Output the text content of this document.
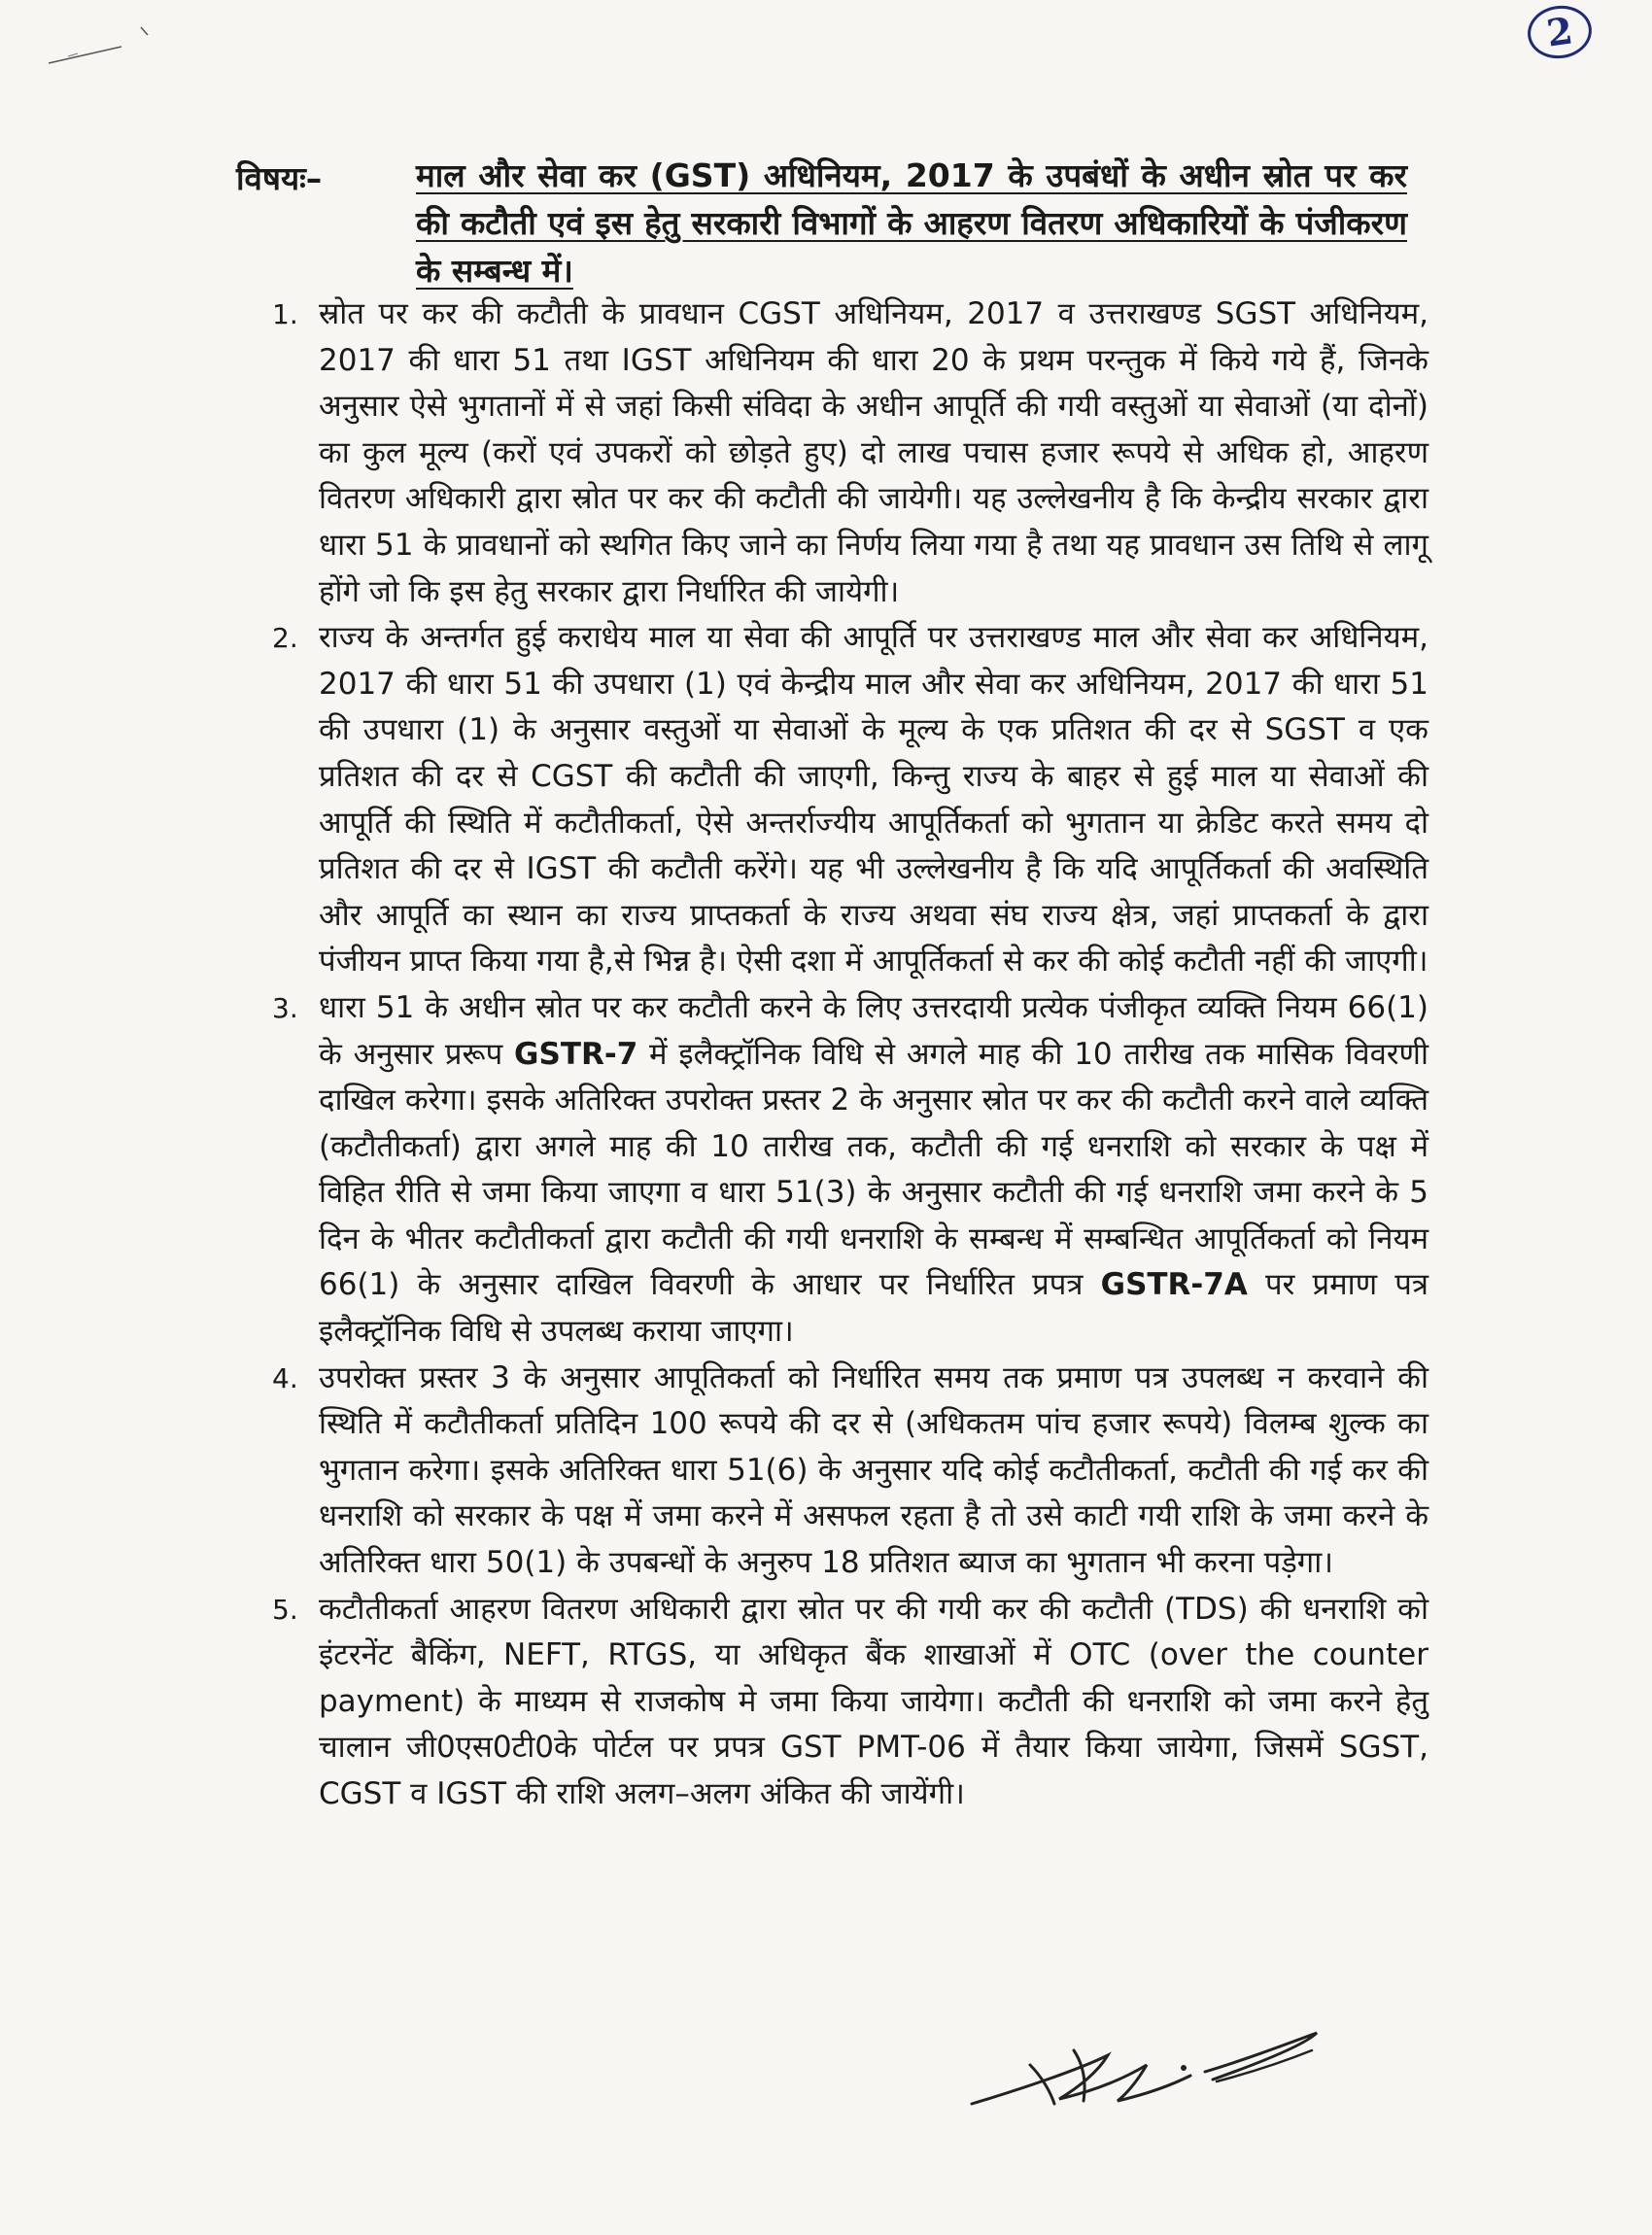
2
विषयः–	माल और सेवा कर (GST) अधिनियम, 2017 के उपबंधों के अधीन स्रोत पर कर की कटौती एवं इस हेतु सरकारी विभागों के आहरण वितरण अधिकारियों के पंजीकरण के सम्बन्ध में।
1. स्रोत पर कर की कटौती के प्रावधान CGST अधिनियम, 2017 व उत्तराखण्ड SGST अधिनियम, 2017 की धारा 51 तथा IGST अधिनियम की धारा 20 के प्रथम परन्तुक में किये गये हैं, जिनके अनुसार ऐसे भुगतानों में से जहां किसी संविदा के अधीन आपूर्ति की गयी वस्तुओं या सेवाओं (या दोनों) का कुल मूल्य (करों एवं उपकरों को छोड़ते हुए) दो लाख पचास हजार रूपये से अधिक हो, आहरण वितरण अधिकारी द्वारा स्रोत पर कर की कटौती की जायेगी। यह उल्लेखनीय है कि केन्द्रीय सरकार द्वारा धारा 51 के प्रावधानों को स्थगित किए जाने का निर्णय लिया गया है तथा यह प्रावधान उस तिथि से लागू होंगे जो कि इस हेतु सरकार द्वारा निर्धारित की जायेगी।
2. राज्य के अन्तर्गत हुई कराधेय माल या सेवा की आपूर्ति पर उत्तराखण्ड माल और सेवा कर अधिनियम, 2017 की धारा 51 की उपधारा (1) एवं केन्द्रीय माल और सेवा कर अधिनियम, 2017 की धारा 51 की उपधारा (1) के अनुसार वस्तुओं या सेवाओं के मूल्य के एक प्रतिशत की दर से SGST व एक प्रतिशत की दर से CGST की कटौती की जाएगी, किन्तु राज्य के बाहर से हुई माल या सेवाओं की आपूर्ति की स्थिति में कटौतीकर्ता, ऐसे अन्तर्राज्यीय आपूर्तिकर्ता को भुगतान या क्रेडिट करते समय दो प्रतिशत की दर से IGST की कटौती करेंगे। यह भी उल्लेखनीय है कि यदि आपूर्तिकर्ता की अवस्थिति और आपूर्ति का स्थान का राज्य प्राप्तकर्ता के राज्य अथवा संघ राज्य क्षेत्र, जहां प्राप्तकर्ता के द्वारा पंजीयन प्राप्त किया गया है,से भिन्न है। ऐसी दशा में आपूर्तिकर्ता से कर की कोई कटौती नहीं की जाएगी।
3. धारा 51 के अधीन स्रोत पर कर कटौती करने के लिए उत्तरदायी प्रत्येक पंजीकृत व्यक्ति नियम 66(1) के अनुसार प्ररूप GSTR-7 में इलैक्ट्रॉनिक विधि से अगले माह की 10 तारीख तक मासिक विवरणी दाखिल करेगा। इसके अतिरिक्त उपरोक्त प्रस्तर 2 के अनुसार स्रोत पर कर की कटौती करने वाले व्यक्ति (कटौतीकर्ता) द्वारा अगले माह की 10 तारीख तक, कटौती की गई धनराशि को सरकार के पक्ष में विहित रीति से जमा किया जाएगा व धारा 51(3) के अनुसार कटौती की गई धनराशि जमा करने के 5 दिन के भीतर कटौतीकर्ता द्वारा कटौती की गयी धनराशि के सम्बन्ध में सम्बन्धित आपूर्तिकर्ता को नियम 66(1) के अनुसार दाखिल विवरणी के आधार पर निर्धारित प्रपत्र GSTR-7A पर प्रमाण पत्र इलैक्ट्रॉनिक विधि से उपलब्ध कराया जाएगा।
4. उपरोक्त प्रस्तर 3 के अनुसार आपूतिकर्ता को निर्धारित समय तक प्रमाण पत्र उपलब्ध न करवाने की स्थिति में कटौतीकर्ता प्रतिदिन 100 रूपये की दर से (अधिकतम पांच हजार रूपये) विलम्ब शुल्क का भुगतान करेगा। इसके अतिरिक्त धारा 51(6) के अनुसार यदि कोई कटौतीकर्ता, कटौती की गई कर की धनराशि को सरकार के पक्ष में जमा करने में असफल रहता है तो उसे काटी गयी राशि के जमा करने के अतिरिक्त धारा 50(1) के उपबन्धों के अनुरुप 18 प्रतिशत ब्याज का भुगतान भी करना पड़ेगा।
5. कटौतीकर्ता आहरण वितरण अधिकारी द्वारा स्रोत पर की गयी कर की कटौती (TDS) की धनराशि को इंटरनेंट बैकिंग, NEFT, RTGS, या अधिकृत बैंक शाखाओं में OTC (over the counter payment) के माध्यम से राजकोष मे जमा किया जायेगा। कटौती की धनराशि को जमा करने हेतु चालान जी0एस0टी0के पोर्टल पर प्रपत्र GST PMT-06 में तैयार किया जायेगा, जिसमें SGST, CGST व IGST की राशि अलग–अलग अंकित की जायेंगी।
